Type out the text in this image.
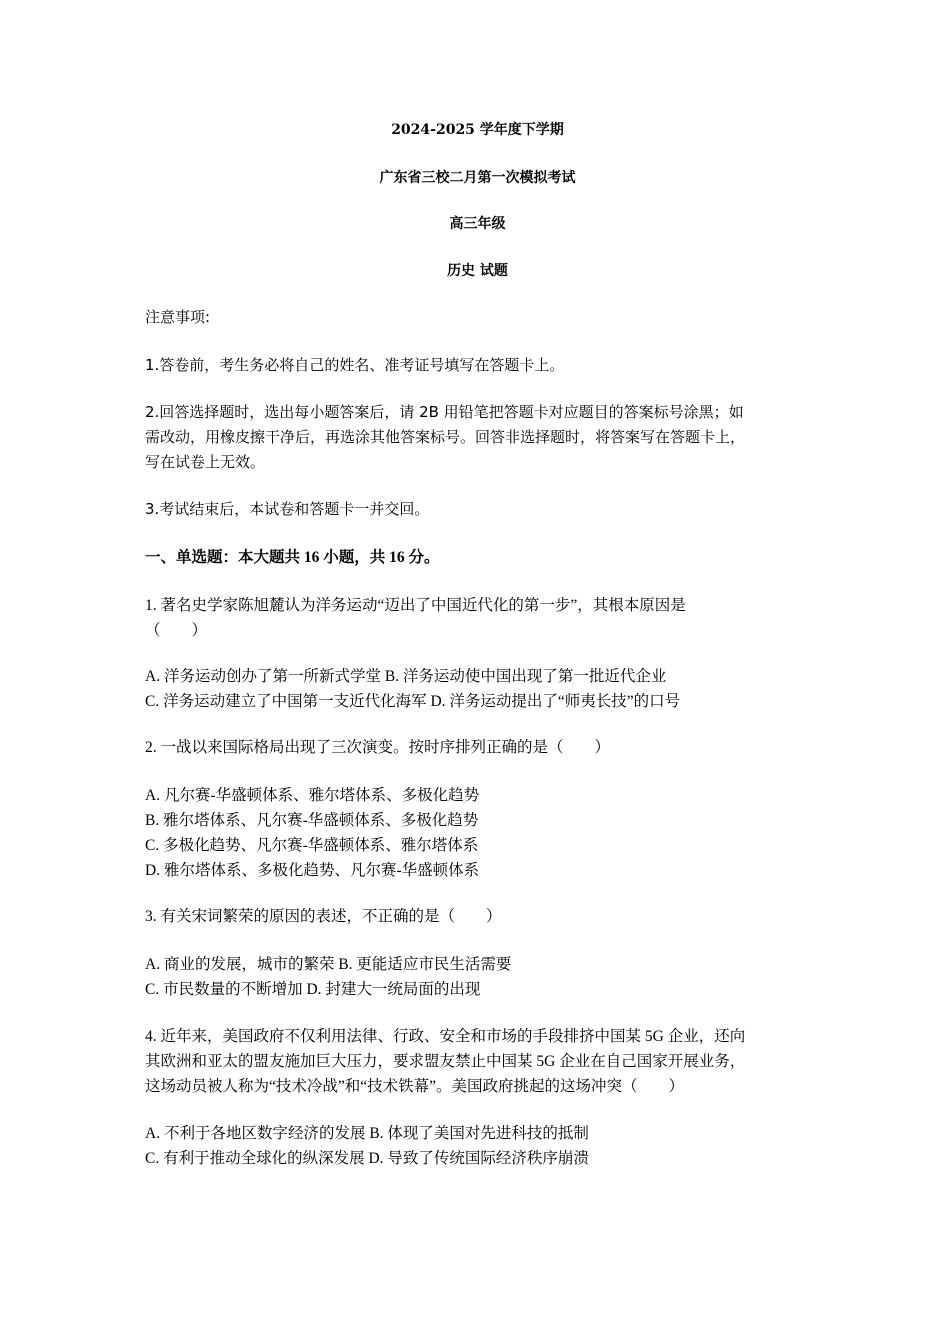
2024-2025 学年度下学期
广东省三校二月第一次模拟考试
高三年级
历史 试题
注意事项:
1.答卷前，考生务必将自己的姓名、准考证号填写在答题卡上。
2.回答选择题时，选出每小题答案后，请 2B 用铅笔把答题卡对应题目的答案标号涂黑；如
需改动，用橡皮擦干净后，再选涂其他答案标号。回答非选择题时，将答案写在答题卡上，
写在试卷上无效。
3.考试结束后，本试卷和答题卡一并交回。
一、单选题：本大题共 16 小题，共 16 分。
1. 著名史学家陈旭麓认为洋务运动“迈出了中国近代化的第一步”，其根本原因是
（　　）
A. 洋务运动创办了第一所新式学堂 B. 洋务运动使中国出现了第一批近代企业
C. 洋务运动建立了中国第一支近代化海军 D. 洋务运动提出了“师夷长技”的口号
2. 一战以来国际格局出现了三次演变。按时序排列正确的是（　　）
A. 凡尔赛-华盛顿体系、雅尔塔体系、多极化趋势
B. 雅尔塔体系、凡尔赛-华盛顿体系、多极化趋势
C. 多极化趋势、凡尔赛-华盛顿体系、雅尔塔体系
D. 雅尔塔体系、多极化趋势、凡尔赛-华盛顿体系
3. 有关宋词繁荣的原因的表述，不正确的是（　　）
A. 商业的发展，城市的繁荣 B. 更能适应市民生活需要
C. 市民数量的不断增加 D. 封建大一统局面的出现
4. 近年来，美国政府不仅利用法律、行政、安全和市场的手段排挤中国某 5G 企业，还向
其欧洲和亚太的盟友施加巨大压力，要求盟友禁止中国某 5G 企业在自己国家开展业务，
这场动员被人称为“技术冷战”和“技术铁幕”。美国政府挑起的这场冲突（　　）
A. 不利于各地区数字经济的发展 B. 体现了美国对先进科技的抵制
C. 有利于推动全球化的纵深发展 D. 导致了传统国际经济秩序崩溃
